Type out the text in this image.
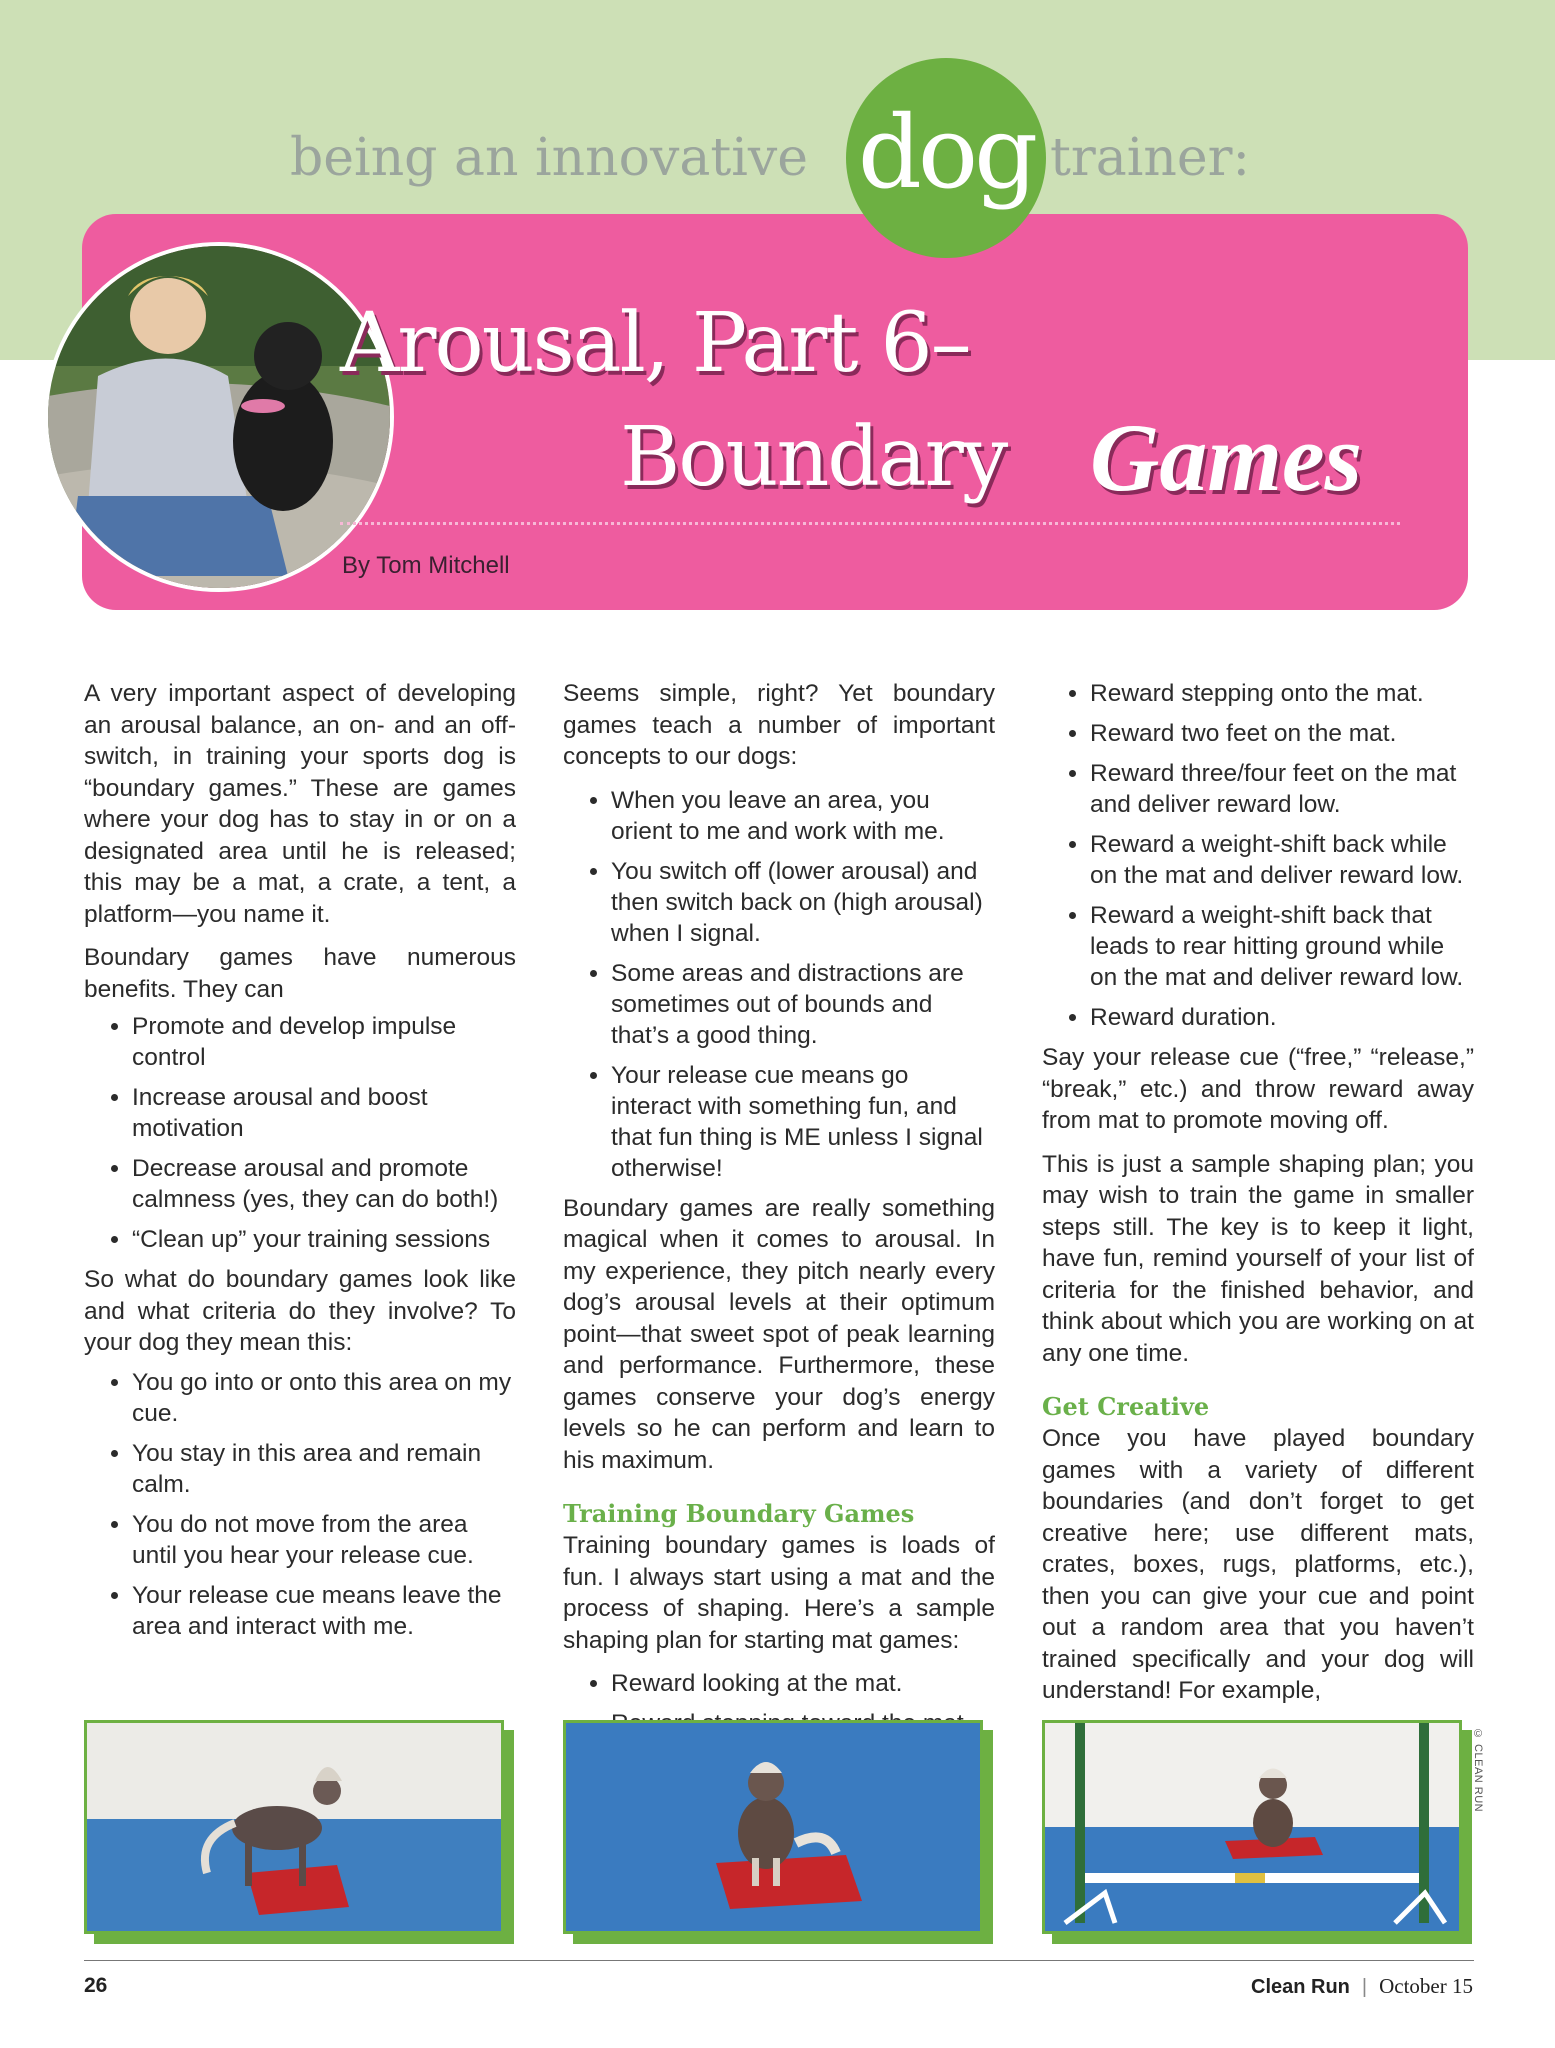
being an innovative	trainer:
dog
Arousal, Part 6–
Boundary Games
By Tom Mitchell

A very important aspect of developing an arousal balance, an on- and an off-switch, in training your sports dog is “boundary games.” These are games where your dog has to stay in or on a designated area until he is released; this may be a mat, a crate, a tent, a platform—you name it.

Boundary games have numerous benefits. They can

• Promote and develop impulse control
• Increase arousal and boost motivation
• Decrease arousal and promote calmness (yes, they can do both!)
• “Clean up” your training sessions

So what do boundary games look like and what criteria do they involve? To your dog they mean this:

• You go into or onto this area on my cue.
• You stay in this area and remain calm.
• You do not move from the area until you hear your release cue.
• Your release cue means leave the area and interact with me.

Seems simple, right? Yet boundary games teach a number of important concepts to our dogs:

• When you leave an area, you orient to me and work with me.
• You switch off (lower arousal) and then switch back on (high arousal) when I signal.
• Some areas and distractions are sometimes out of bounds and that’s a good thing.
• Your release cue means go interact with something fun, and that fun thing is ME unless I signal otherwise!

Boundary games are really something magical when it comes to arousal. In my experience, they pitch nearly every dog’s arousal levels at their optimum point—that sweet spot of peak learning and performance. Furthermore, these games conserve your dog’s energy levels so he can perform and learn to his maximum.

Training Boundary Games

Training boundary games is loads of fun. I always start using a mat and the process of shaping. Here’s a sample shaping plan for starting mat games:

• Reward looking at the mat.
•
• Reward stepping onto the mat.
• Reward two feet on the mat.
• Reward three/four feet on the mat and deliver reward low.
• Reward a weight-shift back while on the mat and deliver reward low.
• Reward a weight-shift back that leads to rear hitting ground while on the mat and deliver reward low.
• Reward duration.

Say your release cue (“free,” “release,” “break,” etc.) and throw reward away from mat to promote moving off.

This is just a sample shaping plan; you may wish to train the game in smaller steps still. The key is to keep it light, have fun, remind yourself of your list of criteria for the finished behavior, and think about which you are working on at any one time.

Get Creative

Once you have played boundary games with a variety of different boundaries (and don’t forget to get creative here; use different mats, crates, boxes, rugs, platforms, etc.), then you can give your cue and point out a random area that you haven’t trained specifically and your dog will understand! For example,

© CLEAN RUN
26	Clean Run | October 15
